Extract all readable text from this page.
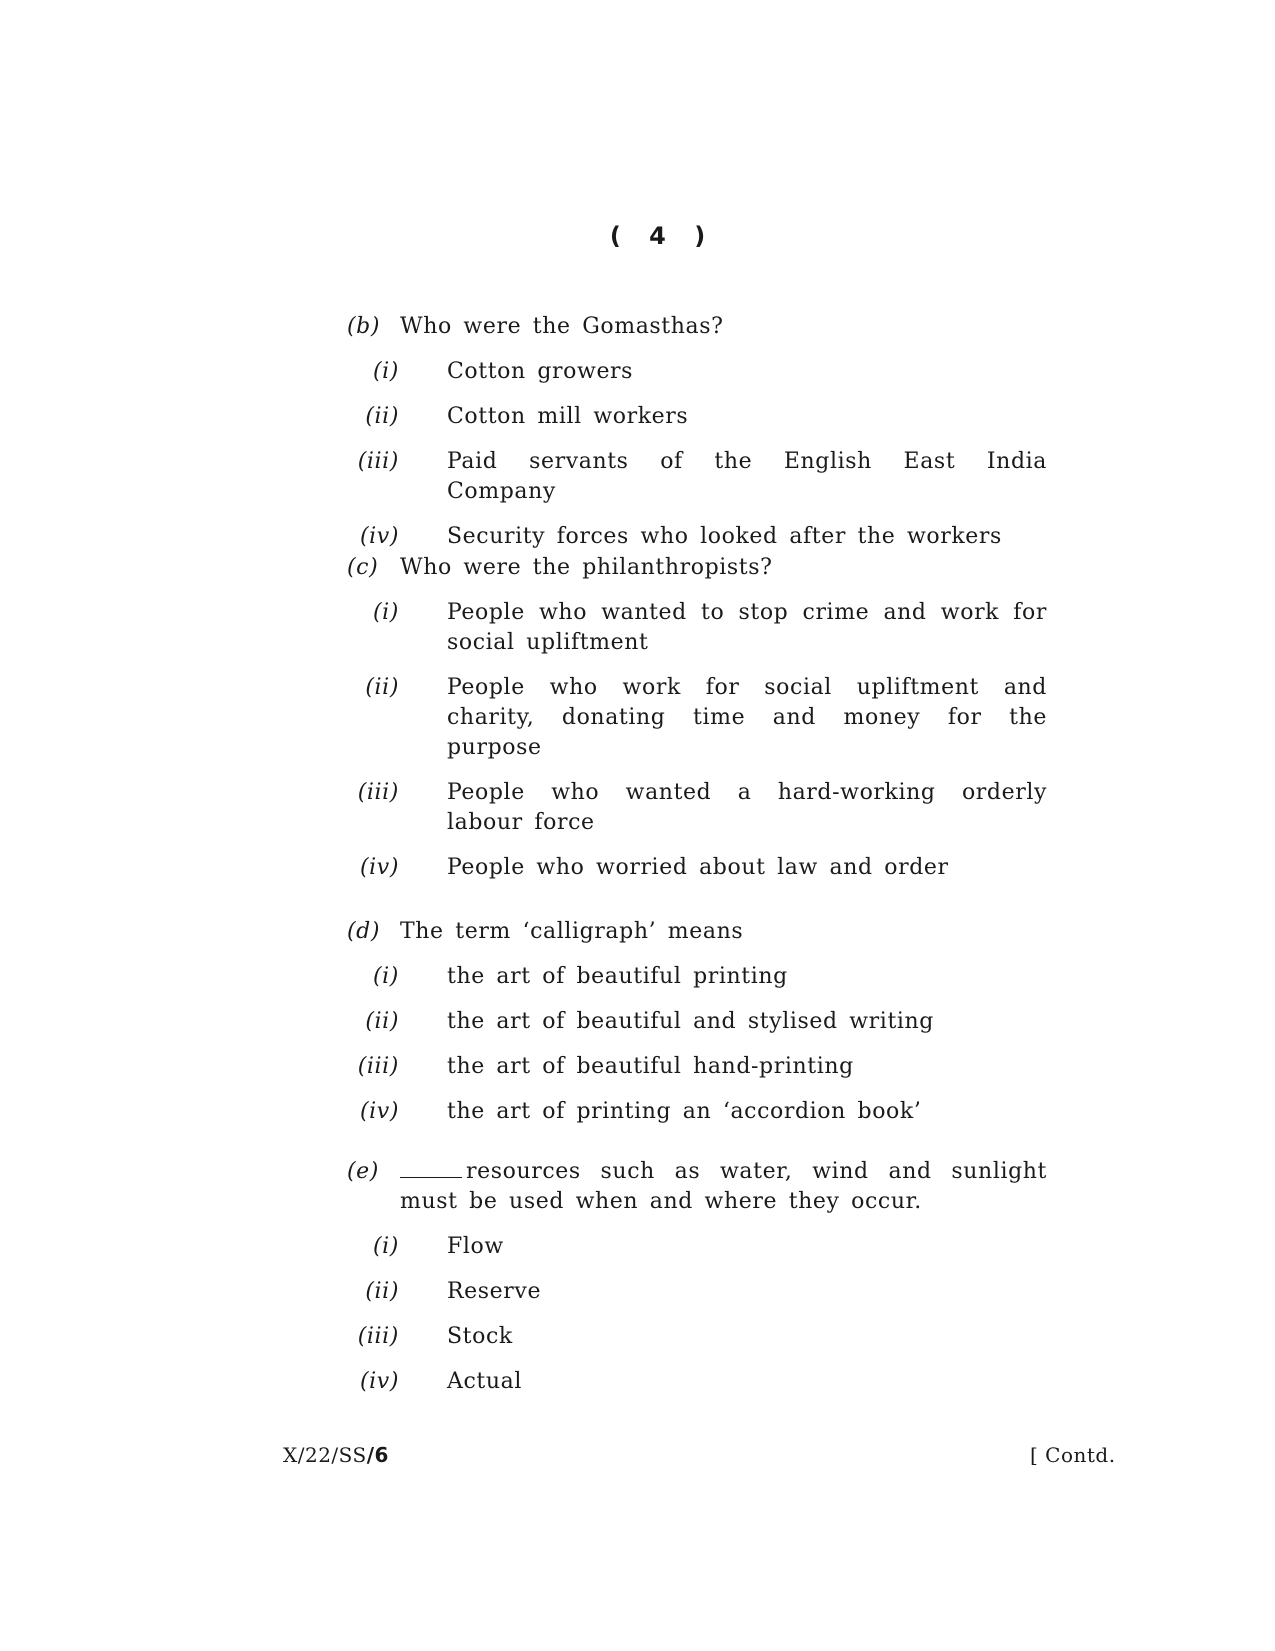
( 4 )
(b) Who were the Gomasthas?
(i) Cotton growers
(ii) Cotton mill workers
(iii) Paid servants of the English East India Company
(iv) Security forces who looked after the workers
(c) Who were the philanthropists?
(i) People who wanted to stop crime and work for social upliftment
(ii) People who work for social upliftment and charity, donating time and money for the purpose
(iii) People who wanted a hard-working orderly labour force
(iv) People who worried about law and order
(d) The term ‘calligraph’ means
(i) the art of beautiful printing
(ii) the art of beautiful and stylised writing
(iii) the art of beautiful hand-printing
(iv) the art of printing an ‘accordion book’
(e)	resources such as water, wind and sunlight must be used when and where they occur.
(i) Flow
(ii) Reserve
(iii) Stock
(iv) Actual
X/22/SS/6	[ Contd.
